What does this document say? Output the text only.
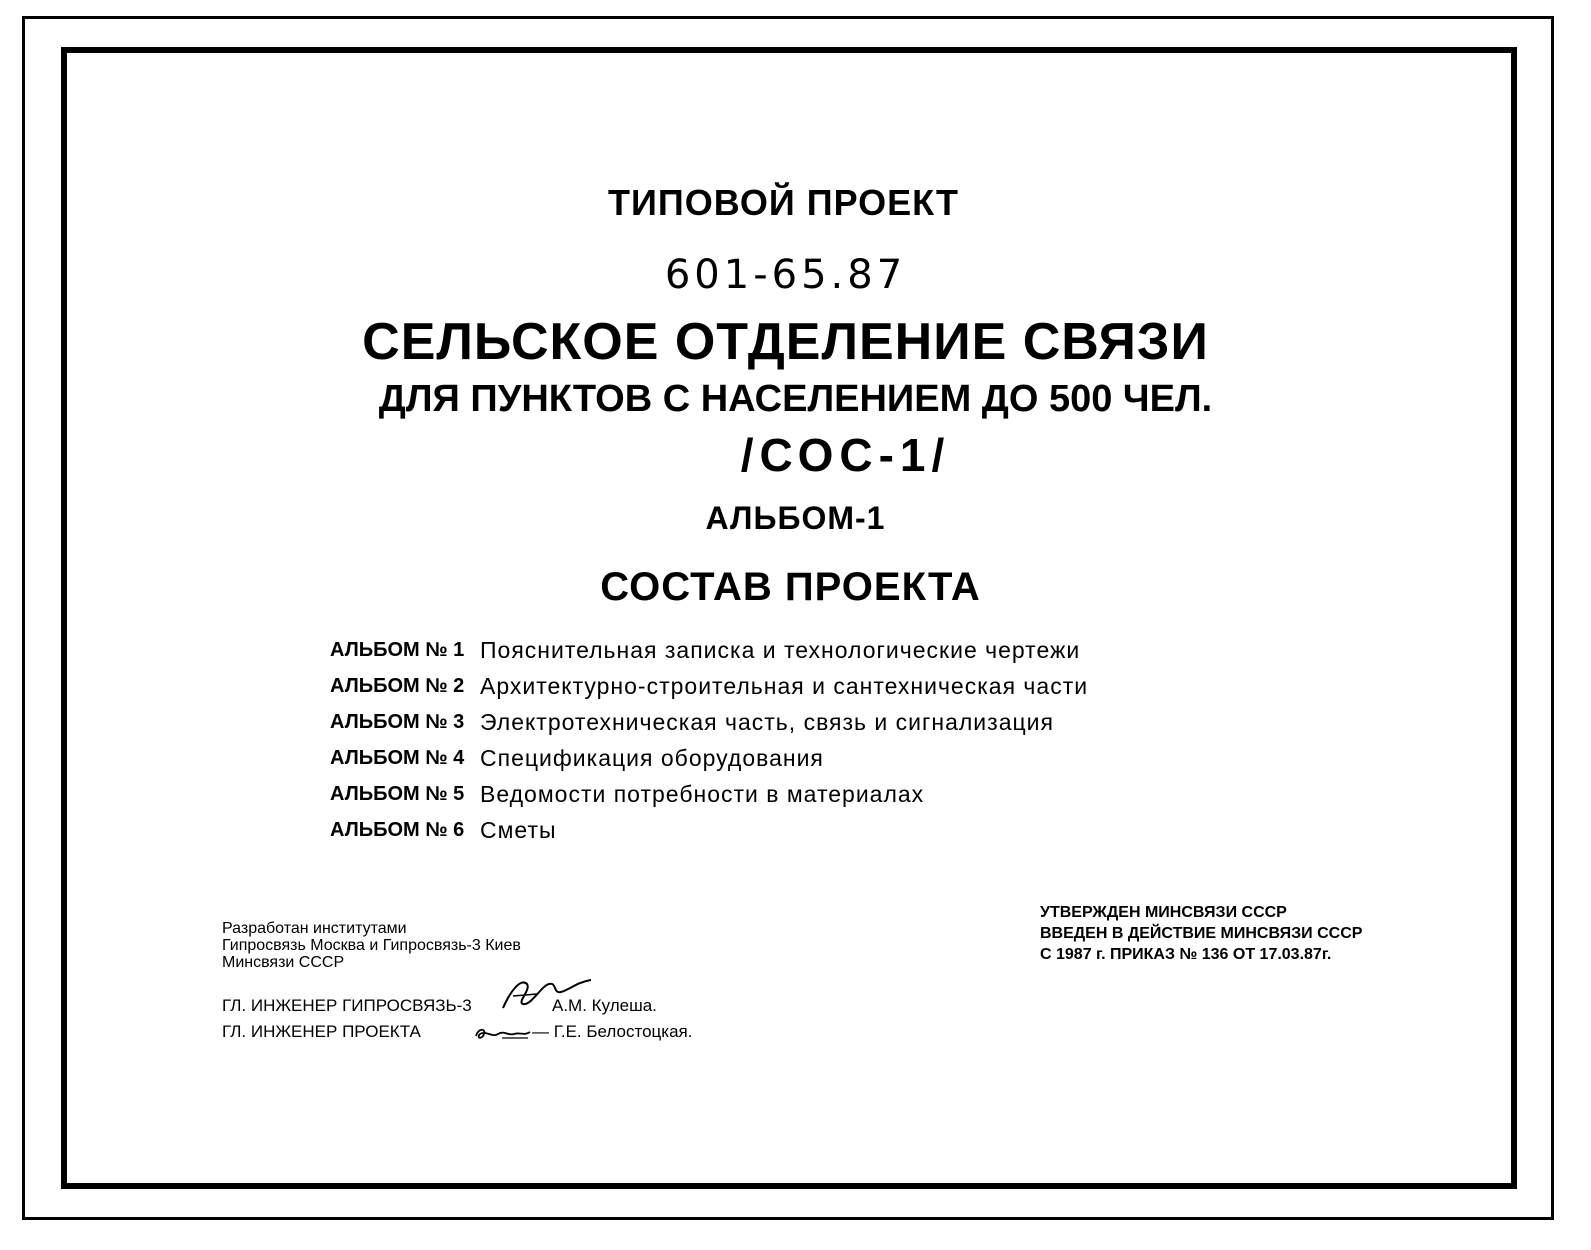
ТИПОВОЙ ПРОЕКТ
601-65.87
СЕЛЬСКОЕ ОТДЕЛЕНИЕ СВЯЗИ
ДЛЯ ПУНКТОВ С НАСЕЛЕНИЕМ ДО 500 ЧЕЛ.
/СОС-1/
АЛЬБОМ-1
СОСТАВ ПРОЕКТА
АЛЬБОМ № 1 Пояснительная записка и технологические чертежи
АЛЬБОМ № 2 Архитектурно-строительная и сантехническая части
АЛЬБОМ № 3 Электротехническая часть, связь и сигнализация
АЛЬБОМ № 4 Спецификация оборудования
АЛЬБОМ № 5 Ведомости потребности в материалах
АЛЬБОМ № 6 Сметы
Разработан институтами
Гипросвязь Москва и Гипросвязь-3 Киев
Минсвязи СССР
УТВЕРЖДЕН МИНСВЯЗИ СССР
ВВЕДЕН В ДЕЙСТВИЕ МИНСВЯЗИ СССР
С 1987 г. ПРИКАЗ № 136 ОТ 17.03.87г.
ГЛ. ИНЖЕНЕР ГИПРОСВЯЗЬ-3	А.М. Кулеша.
ГЛ. ИНЖЕНЕР ПРОЕКТА	— Г.Е. Белостоцкая.
